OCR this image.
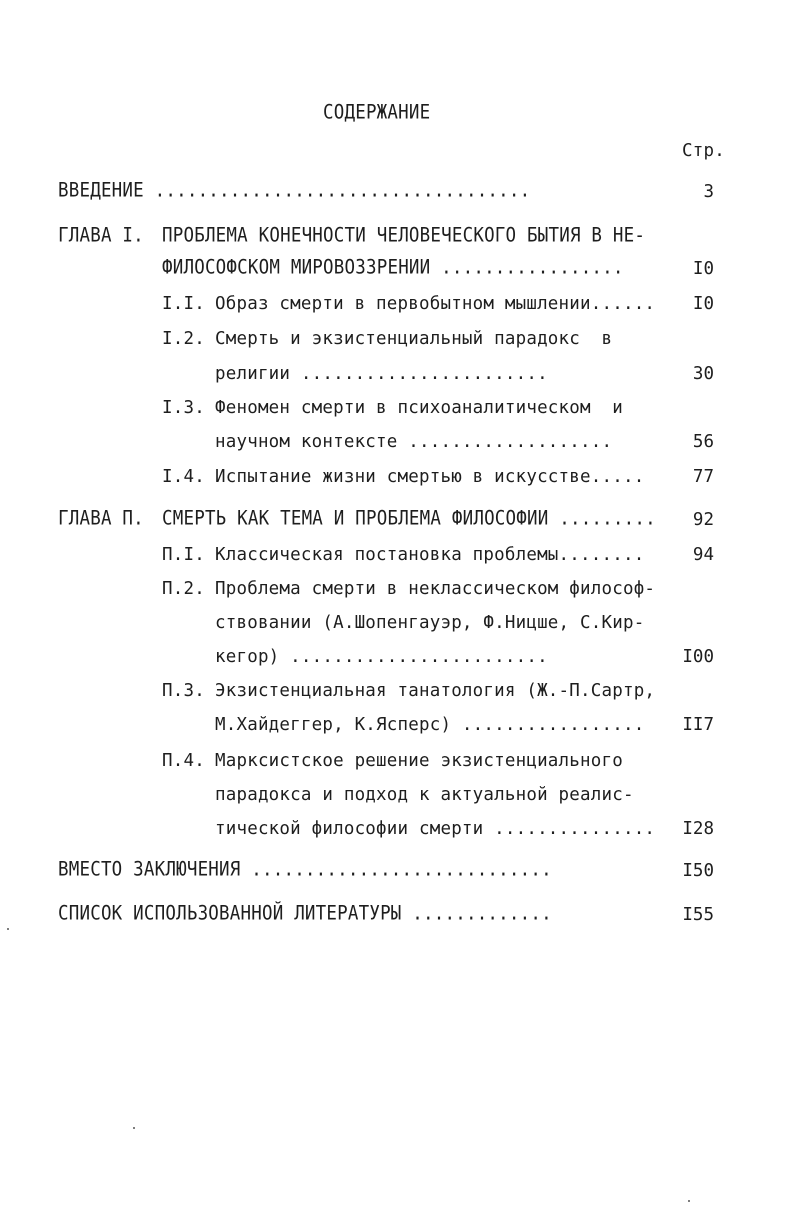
СОДЕРЖАНИЕ
Стр.
ВВЕДЕНИЕ ...................................	3
ГЛАВА I. ПРОБЛЕМА КОНЕЧНОСТИ ЧЕЛОВЕЧЕСКОГО БЫТИЯ В НЕ-
ФИЛОСОФСКОМ МИРОВОЗЗРЕНИИ .................	I0
I.I. Образ смерти в первобытном мышлении...... I0
I.2. Смерть и экзистенциальный парадокс  в
религии .......................	30
I.3. Феномен смерти в психоаналитическом  и
научном контексте ...................	56
I.4. Испытание жизни смертью в искусстве.....	77
ГЛАВА П. СМЕРТЬ КАК ТЕМА И ПРОБЛЕМА ФИЛОСОФИИ ......... 92
П.I. Классическая постановка проблемы........	94
П.2. Проблема смерти в неклассическом философ-
ствовании (А.Шопенгауэр, Ф.Ницше, С.Кир-
кегор) ........................	I00
П.3. Экзистенциальная танатология (Ж.-П.Сартр,
М.Хайдеггер, К.Ясперс) ................. II7
П.4. Марксистское решение экзистенциального
парадокса и подход к актуальной реалис-
тической философии смерти ............... I28
ВМЕСТО ЗАКЛЮЧЕНИЯ ............................	I50
СПИСОК ИСПОЛЬЗОВАННОЙ ЛИТЕРАТУРЫ .............	I55
